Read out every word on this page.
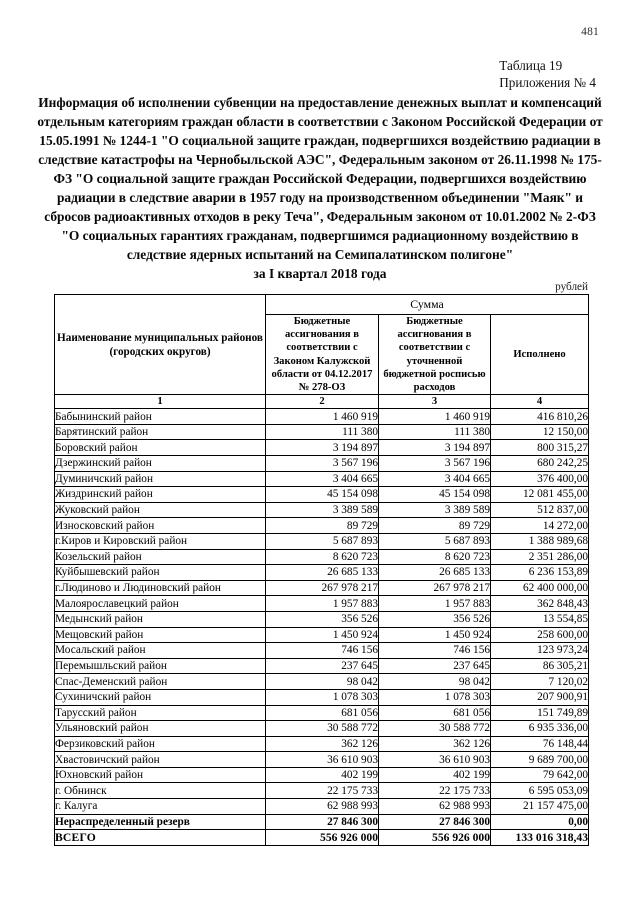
481
Таблица 19
Приложения № 4
Информация об исполнении субвенции на предоставление денежных выплат и компенсаций отдельным категориям граждан области в соответствии с Законом Российской Федерации от 15.05.1991 № 1244-1 "О социальной защите граждан, подвергшихся воздействию радиации в следствие катастрофы на Чернобыльской АЭС", Федеральным законом от 26.11.1998 № 175-ФЗ "О социальной защите граждан Российской Федерации, подвергшихся воздействию радиации в следствие аварии в 1957 году на производственном объединении "Маяк" и сбросов радиоактивных отходов в реку Теча", Федеральным законом от 10.01.2002 № 2-ФЗ "О социальных гарантиях гражданам, подвергшимся радиационному воздействию в следствие ядерных испытаний на Семипалатинском полигоне"
за I квартал 2018 года
рублей
Наименование муниципальных районов (городских округов)	Сумма		
	Бюджетные ассигнования в соответствии с Законом Калужской области от 04.12.2017 № 278-ОЗ	Бюджетные ассигнования в соответствии с уточненной бюджетной росписью расходов	Исполнено
1	2	3	4
Бабынинский район	1 460 919	1 460 919	416 810,26
Барятинский район	111 380	111 380	12 150,00
Боровский район	3 194 897	3 194 897	800 315,27
Дзержинский район	3 567 196	3 567 196	680 242,25
Думиничский район	3 404 665	3 404 665	376 400,00
Жиздринский район	45 154 098	45 154 098	12 081 455,00
Жуковский район	3 389 589	3 389 589	512 837,00
Износковский район	89 729	89 729	14 272,00
г.Киров и Кировский район	5 687 893	5 687 893	1 388 989,68
Козельский район	8 620 723	8 620 723	2 351 286,00
Куйбышевский район	26 685 133	26 685 133	6 236 153,89
г.Людиново и Людиновский район	267 978 217	267 978 217	62 400 000,00
Малоярославецкий район	1 957 883	1 957 883	362 848,43
Медынский район	356 526	356 526	13 554,85
Мещовский район	1 450 924	1 450 924	258 600,00
Мосальский район	746 156	746 156	123 973,24
Перемышльский район	237 645	237 645	86 305,21
Спас-Деменский район	98 042	98 042	7 120,02
Сухиничский район	1 078 303	1 078 303	207 900,91
Тарусский район	681 056	681 056	151 749,89
Ульяновский район	30 588 772	30 588 772	6 935 336,00
Ферзиковский район	362 126	362 126	76 148,44
Хвастовичский район	36 610 903	36 610 903	9 689 700,00
Юхновский район	402 199	402 199	79 642,00
г. Обнинск	22 175 733	22 175 733	6 595 053,09
г. Калуга	62 988 993	62 988 993	21 157 475,00
Нераспределенный резерв	27 846 300	27 846 300	0,00
ВСЕГО	556 926 000	556 926 000	133 016 318,43
